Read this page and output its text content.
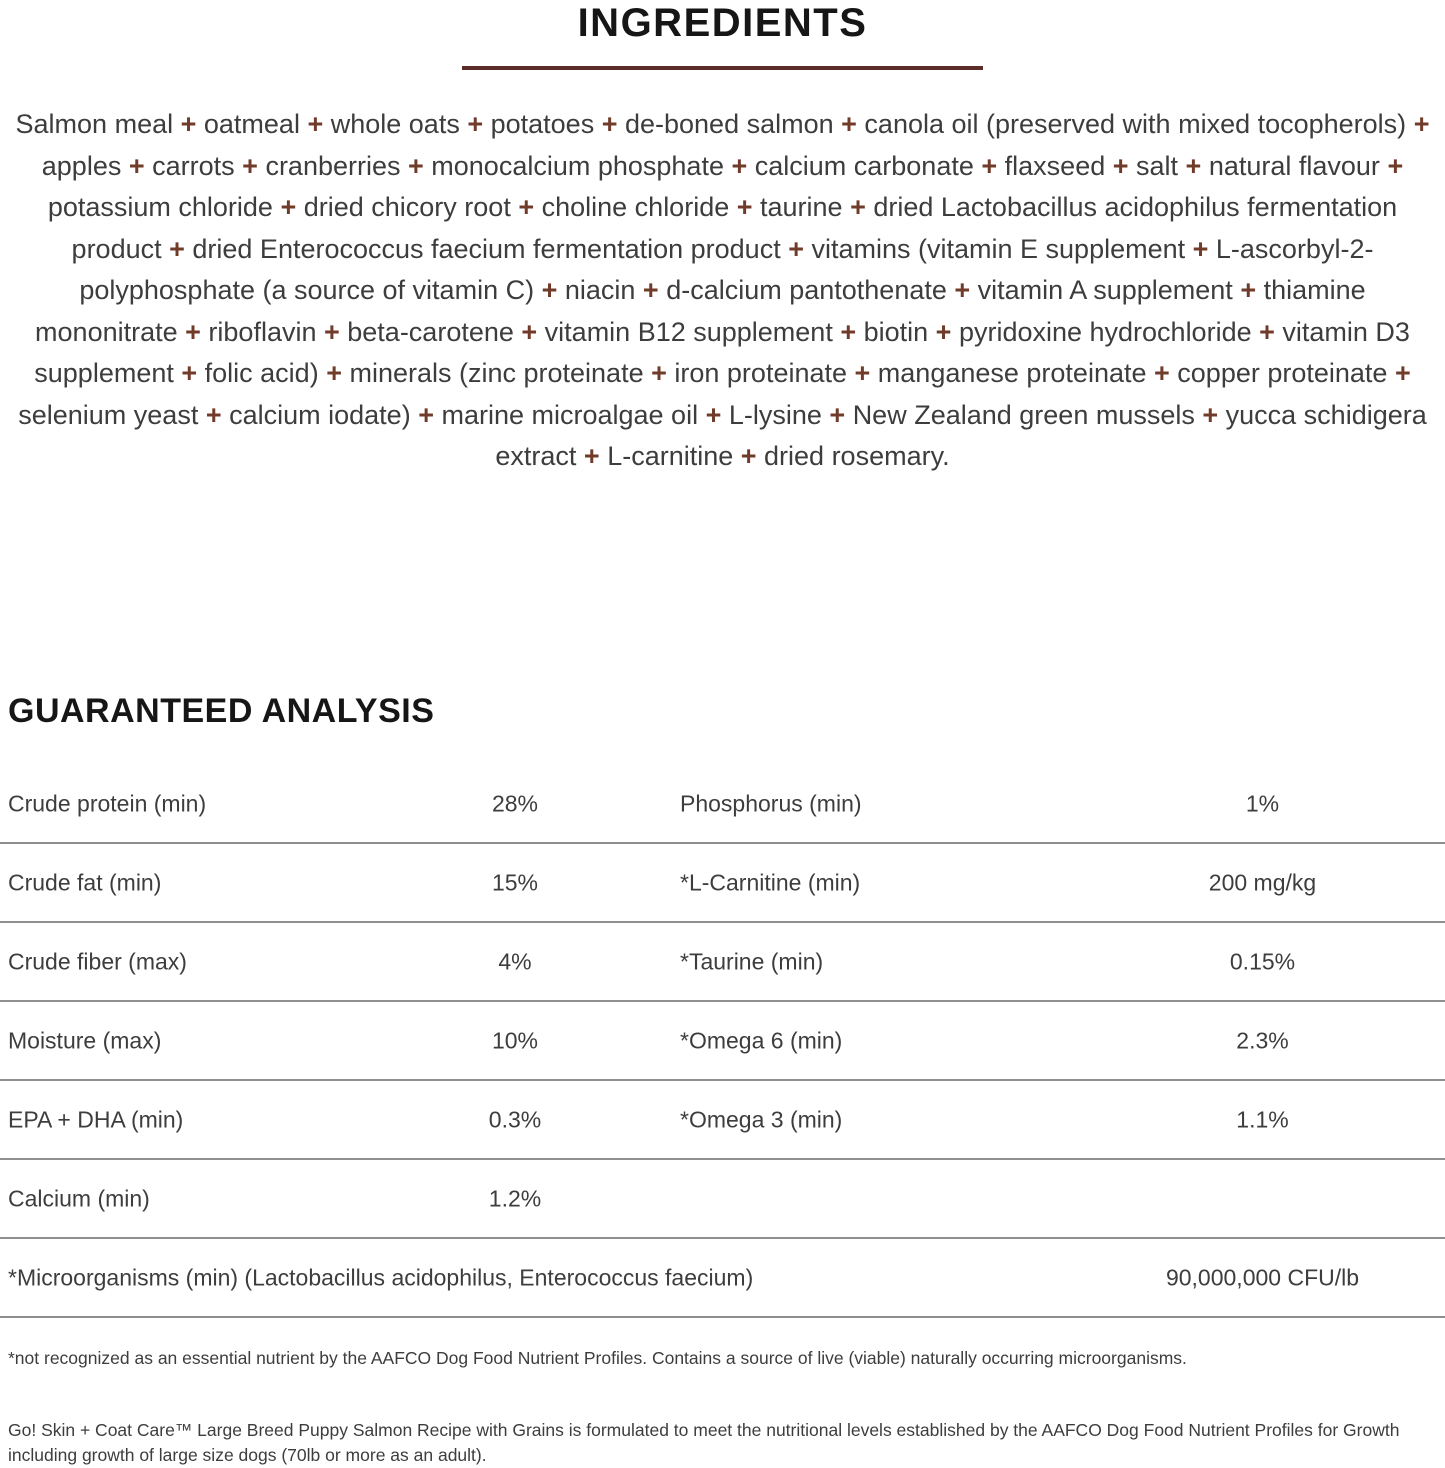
INGREDIENTS

Salmon meal + oatmeal + whole oats + potatoes + de-boned salmon + canola oil (preserved with mixed tocopherols) + apples + carrots + cranberries + monocalcium phosphate + calcium carbonate + flaxseed + salt + natural flavour + potassium chloride + dried chicory root + choline chloride + taurine + dried Lactobacillus acidophilus fermentation product + dried Enterococcus faecium fermentation product + vitamins (vitamin E supplement + L-ascorbyl-2-polyphosphate (a source of vitamin C) + niacin + d-calcium pantothenate + vitamin A supplement + thiamine mononitrate + riboflavin + beta-carotene + vitamin B12 supplement + biotin + pyridoxine hydrochloride + vitamin D3 supplement + folic acid) + minerals (zinc proteinate + iron proteinate + manganese proteinate + copper proteinate + selenium yeast + calcium iodate) + marine microalgae oil + L-lysine + New Zealand green mussels + yucca schidigera extract + L-carnitine + dried rosemary.

GUARANTEED ANALYSIS
Crude protein (min)	28%	Phosphorus (min)	1%
Crude fat (min)	15%	*L-Carnitine (min)	200 mg/kg
Crude fiber (max)	4%	*Taurine (min)	0.15%
Moisture (max)	10%	*Omega 6 (min)	2.3%
EPA + DHA (min)	0.3%	*Omega 3 (min)	1.1%
Calcium (min)	1.2%
*Microorganisms (min) (Lactobacillus acidophilus, Enterococcus faecium)	90,000,000 CFU/lb

*not recognized as an essential nutrient by the AAFCO Dog Food Nutrient Profiles. Contains a source of live (viable) naturally occurring microorganisms.

Go! Skin + Coat Care™ Large Breed Puppy Salmon Recipe with Grains is formulated to meet the nutritional levels established by the AAFCO Dog Food Nutrient Profiles for Growth including growth of large size dogs (70lb or more as an adult).
